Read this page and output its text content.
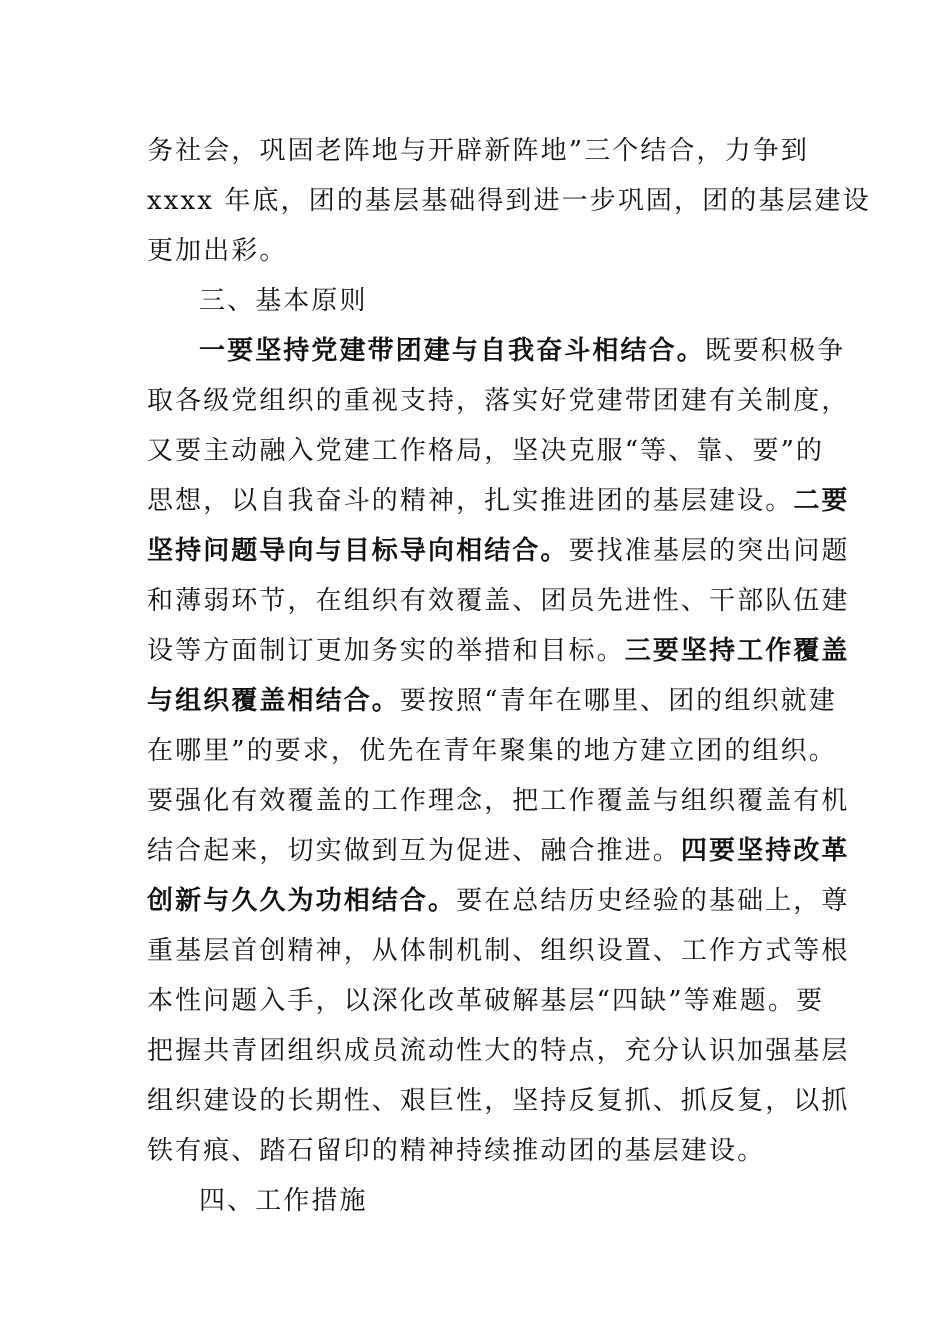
务社会，巩固老阵地与开辟新阵地”三个结合，力争到
xxxx 年底，团的基层基础得到进一步巩固，团的基层建设
更加出彩。
三、基本原则
一要坚持党建带团建与自我奋斗相结合。既要积极争
取各级党组织的重视支持，落实好党建带团建有关制度，
又要主动融入党建工作格局，坚决克服“等、靠、要”的
思想，以自我奋斗的精神，扎实推进团的基层建设。二要
坚持问题导向与目标导向相结合。要找准基层的突出问题
和薄弱环节，在组织有效覆盖、团员先进性、干部队伍建
设等方面制订更加务实的举措和目标。三要坚持工作覆盖
与组织覆盖相结合。要按照“青年在哪里、团的组织就建
在哪里”的要求，优先在青年聚集的地方建立团的组织。
要强化有效覆盖的工作理念，把工作覆盖与组织覆盖有机
结合起来，切实做到互为促进、融合推进。四要坚持改革
创新与久久为功相结合。要在总结历史经验的基础上，尊
重基层首创精神，从体制机制、组织设置、工作方式等根
本性问题入手，以深化改革破解基层“四缺”等难题。要
把握共青团组织成员流动性大的特点，充分认识加强基层
组织建设的长期性、艰巨性，坚持反复抓、抓反复，以抓
铁有痕、踏石留印的精神持续推动团的基层建设。
四、工作措施
